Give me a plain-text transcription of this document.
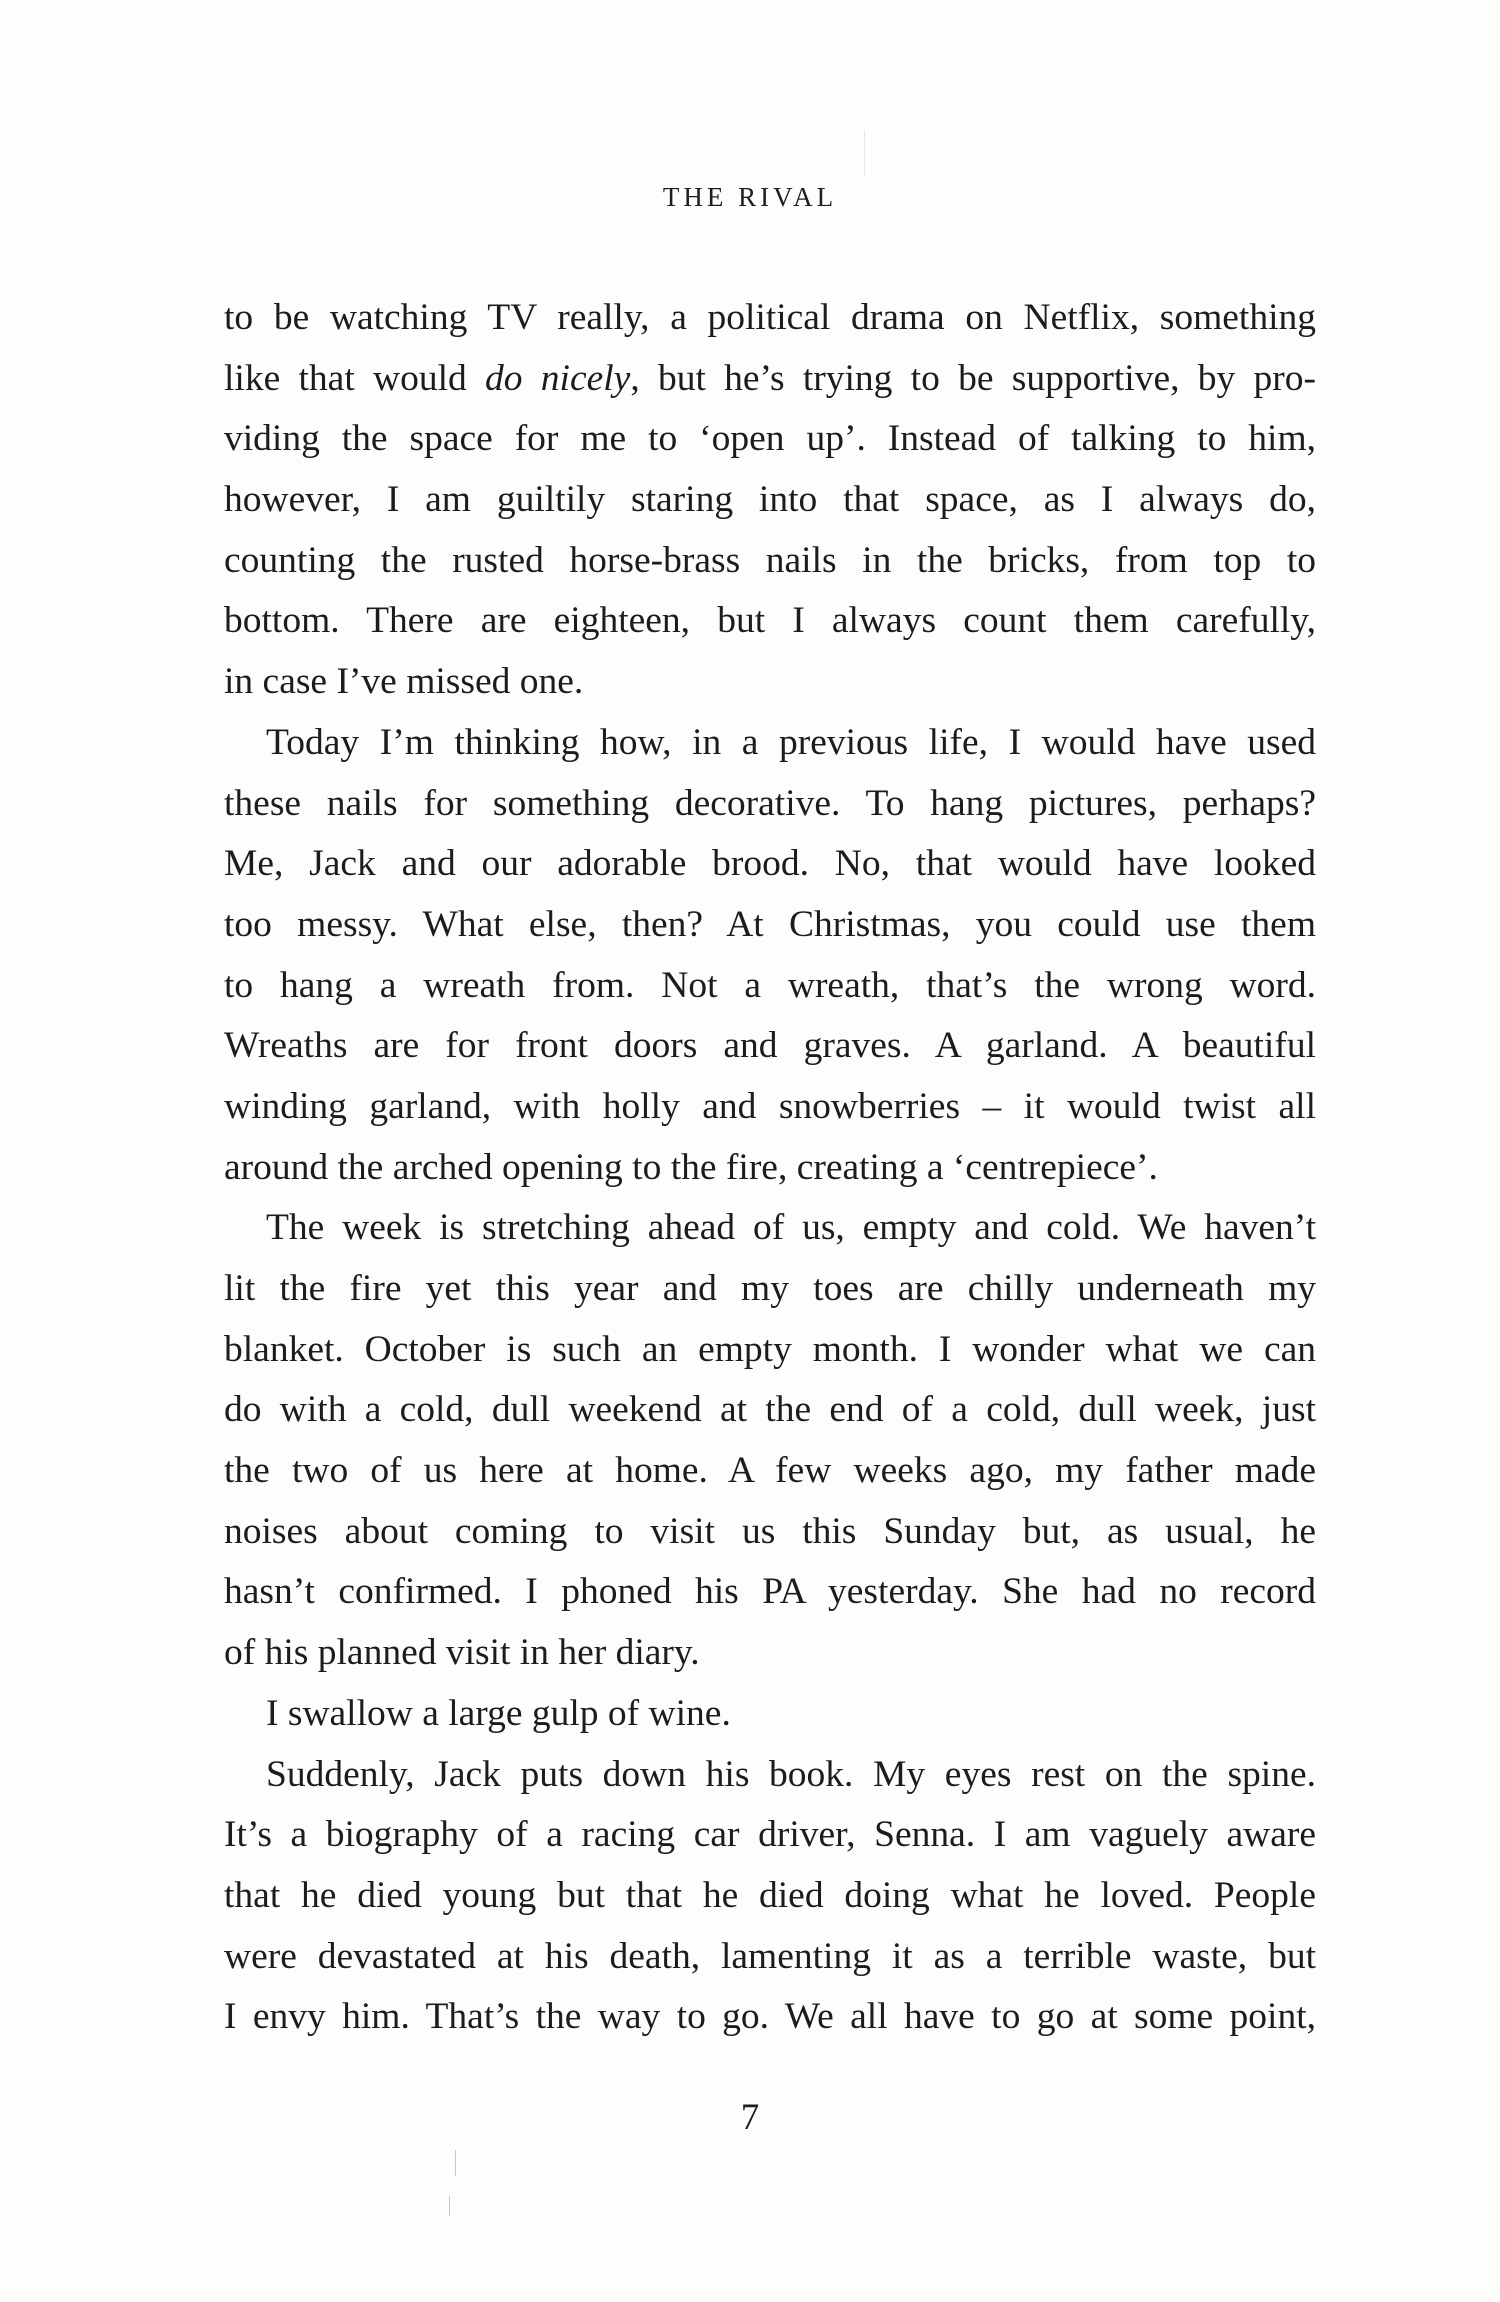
THE RIVAL
to be watching TV really, a political drama on Netflix, something
like that would do nicely, but he’s trying to be supportive, by pro-
viding the space for me to ‘open up’. Instead of talking to him,
however, I am guiltily staring into that space, as I always do,
counting the rusted horse-brass nails in the bricks, from top to
bottom. There are eighteen, but I always count them carefully,
in case I’ve missed one.
Today I’m thinking how, in a previous life, I would have used
these nails for something decorative. To hang pictures, perhaps?
Me, Jack and our adorable brood. No, that would have looked
too messy. What else, then? At Christmas, you could use them
to hang a wreath from. Not a wreath, that’s the wrong word.
Wreaths are for front doors and graves. A garland. A beautiful
winding garland, with holly and snowberries – it would twist all
around the arched opening to the fire, creating a ‘centrepiece’.
The week is stretching ahead of us, empty and cold. We haven’t
lit the fire yet this year and my toes are chilly underneath my
blanket. October is such an empty month. I wonder what we can
do with a cold, dull weekend at the end of a cold, dull week, just
the two of us here at home. A few weeks ago, my father made
noises about coming to visit us this Sunday but, as usual, he
hasn’t confirmed. I phoned his PA yesterday. She had no record
of his planned visit in her diary.
I swallow a large gulp of wine.
Suddenly, Jack puts down his book. My eyes rest on the spine.
It’s a biography of a racing car driver, Senna. I am vaguely aware
that he died young but that he died doing what he loved. People
were devastated at his death, lamenting it as a terrible waste, but
I envy him. That’s the way to go. We all have to go at some point,
7
